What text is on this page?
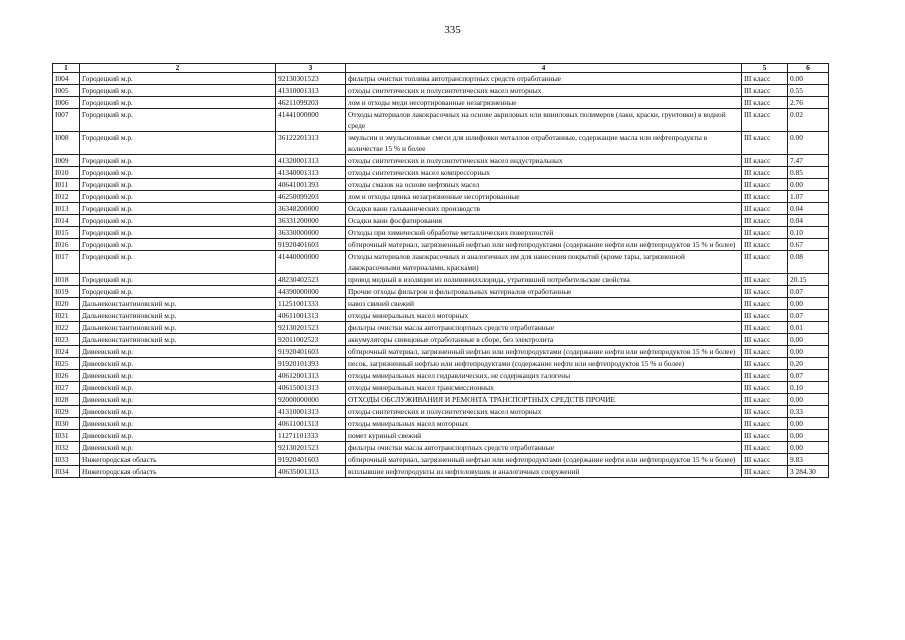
335
1	2	3	4	5	6
I004	Городецкий м.р.	92130301523	фильтры очистки топлива автотранспортных средств отработанные	III класс	0.00
I005	Городецкий м.р.	41310001313	отходы синтетических и полусинтетических масел моторных	III класс	0.55
I006	Городецкий м.р.	46211099203	лом и отходы меди несортированные незагрязненные	III класс	2.76
I007	Городецкий м.р.	41441000000	Отходы материалов лакокрасочных на основе акриловых или виниловых полимеров (лаки, краски, грунтовки) в водной среде	III класс	0.02
I008	Городецкий м.р.	36122201313	эмульсии и эмульсионные смеси для шлифовки металлов отработанные, содержащие масла или нефтепродукты в количестве 15 % и более	III класс	0.00
I009	Городецкий м.р.	41320001313	отходы синтетических и полусинтетических масел индустриальных	III класс	7.47
I010	Городецкий м.р.	41340001313	отходы синтетических масел компрессорных	III класс	0.85
I011	Городецкий м.р.	40641001393	отходы смазок на основе нефтяных масел	III класс	0.00
I012	Городецкий м.р.	46250099203	лом и отходы цинка незагрязненные несортированные	III класс	1.07
I013	Городецкий м.р.	36348200000	Осадки ванн гальванических производств	III класс	0.04
I014	Городецкий м.р.	36331200000	Осадки ванн фосфатирования	III класс	0.04
I015	Городецкий м.р.	36330000000	Отходы при химической обработке металлических поверхностей	III класс	0.10
I016	Городецкий м.р.	91920401603	обтирочный материал, загрязненный нефтью или нефтепродуктами (содержание нефти или нефтепродуктов 15 % и более)	III класс	0.67
I017	Городецкий м.р.	41440000000	Отходы материалов лакокрасочных и аналогичных им для нанесения покрытий (кроме тары, загрязненной лакокрасочными материалами, красками)	III класс	0.08
I018	Городецкий м.р.	48230402523	провод медный в изоляции из поливинилхлорида, утративший потребительские свойства	III класс	20.15
I019	Городецкий м.р.	44390000000	Прочие отходы фильтров и фильтровальных материалов отработанные	III класс	0.07
I020	Дальнеконстантиновский м.р.	11251001333	навоз свиней свежий	III класс	0.00
I021	Дальнеконстантиновский м.р.	40611001313	отходы минеральных масел моторных	III класс	0.07
I022	Дальнеконстантиновский м.р.	92130201523	фильтры очистки масла автотранспортных средств отработанные	III класс	0.01
I023	Дальнеконстантиновский м.р.	92011002523	аккумуляторы свинцовые отработанные в сборе, без электролита	III класс	0.00
I024	Дивеевский м.р.	91920401603	обтирочный материал, загрязненный нефтью или нефтепродуктами (содержание нефти или нефтепродуктов 15 % и более)	III класс	0.00
I025	Дивеевский м.р.	91920101393	песок, загрязненный нефтью или нефтепродуктами (содержание нефти или нефтепродуктов 15 % и более)	III класс	0.20
I026	Дивеевский м.р.	40612001313	отходы минеральных масел гидравлических, не содержащих галогены	III класс	0.07
I027	Дивеевский м.р.	40615001313	отходы минеральных масел трансмиссионных	III класс	0.10
I028	Дивеевский м.р.	92000000000	ОТХОДЫ ОБСЛУЖИВАНИЯ И РЕМОНТА ТРАНСПОРТНЫХ СРЕДСТВ ПРОЧИЕ	III класс	0.00
I029	Дивеевский м.р.	41310001313	отходы синтетических и полусинтетических масел моторных	III класс	0.33
I030	Дивеевский м.р.	40611001313	отходы минеральных масел моторных	III класс	0.00
I031	Дивеевский м.р.	11271101333	помет куриный свежий	III класс	0.00
I032	Дивеевский м.р.	92130201523	фильтры очистки масла автотранспортных средств отработанные	III класс	0.00
I033	Нижегородская область	91920401603	обтирочный материал, загрязненный нефтью или нефтепродуктами (содержание нефти или нефтепродуктов 15 % и более)	III класс	9.83
I034	Нижегородская область	40635001313	всплывшие нефтепродукты из нефтеловушек и аналогичных сооружений	III класс	3 284.30
